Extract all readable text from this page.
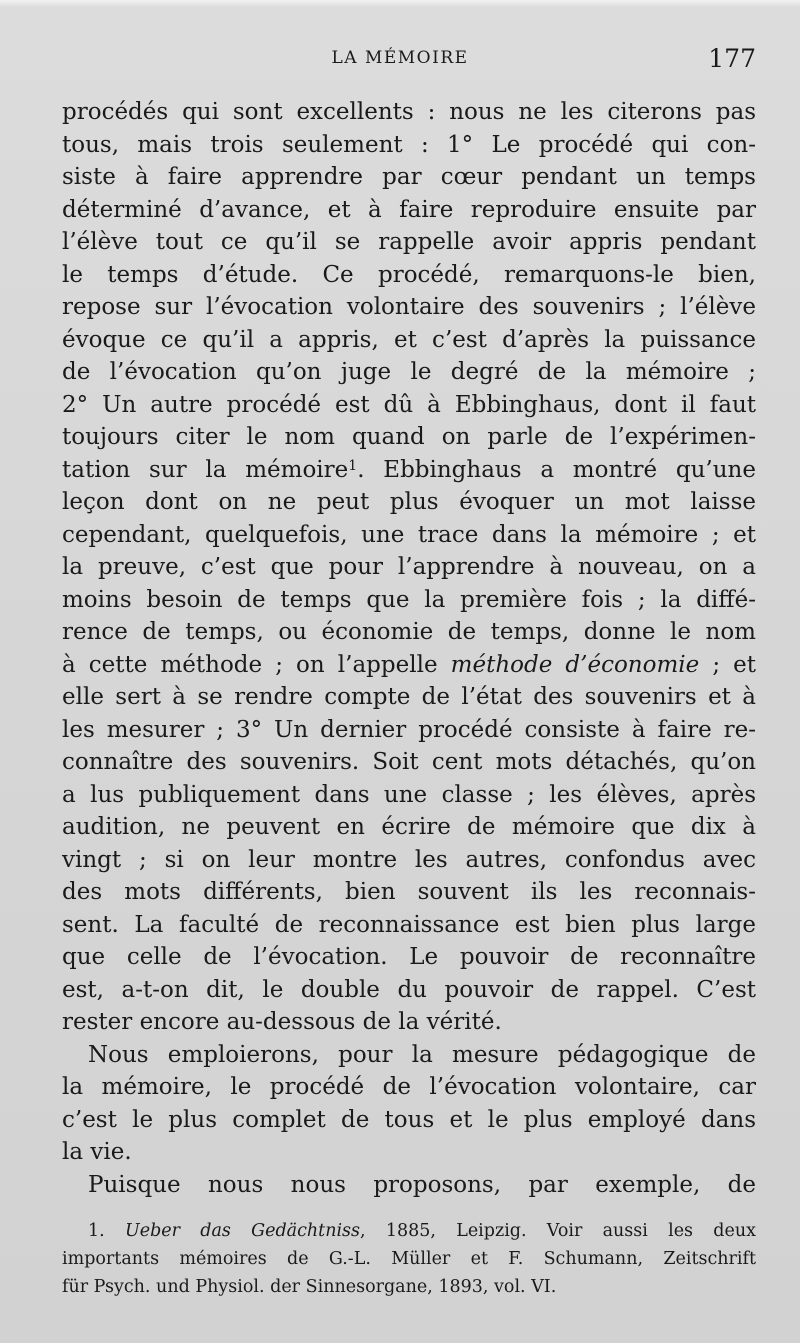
LA MÉMOIRE	177
procédés qui sont excellents : nous ne les citerons pas
tous, mais trois seulement : 1° Le procédé qui con-
siste à faire apprendre par cœur pendant un temps
déterminé d’avance, et à faire reproduire ensuite par
l’élève tout ce qu’il se rappelle avoir appris pendant
le temps d’étude. Ce procédé, remarquons-le bien,
repose sur l’évocation volontaire des souvenirs ; l’élève
évoque ce qu’il a appris, et c’est d’après la puissance
de l’évocation qu’on juge le degré de la mémoire ;
2° Un autre procédé est dû à Ebbinghaus, dont il faut
toujours citer le nom quand on parle de l’expérimen-
tation sur la mémoire$^1$. Ebbinghaus a montré qu’une
leçon dont on ne peut plus évoquer un mot laisse
cependant, quelquefois, une trace dans la mémoire ; et
la preuve, c’est que pour l’apprendre à nouveau, on a
moins besoin de temps que la première fois ; la diffé-
rence de temps, ou économie de temps, donne le nom
à cette méthode ; on l’appelle méthode d’économie ; et
elle sert à se rendre compte de l’état des souvenirs et à
les mesurer ; 3° Un dernier procédé consiste à faire re-
connaître des souvenirs. Soit cent mots détachés, qu’on
a lus publiquement dans une classe ; les élèves, après
audition, ne peuvent en écrire de mémoire que dix à
vingt ; si on leur montre les autres, confondus avec
des mots différents, bien souvent ils les reconnais-
sent. La faculté de reconnaissance est bien plus large
que celle de l’évocation. Le pouvoir de reconnaître
est, a-t-on dit, le double du pouvoir de rappel. C’est
rester encore au-dessous de la vérité.
Nous emploierons, pour la mesure pédagogique de
la mémoire, le procédé de l’évocation volontaire, car
c’est le plus complet de tous et le plus employé dans
la vie.
Puisque nous nous proposons, par exemple, de
1. Ueber das Gedächtniss, 1885, Leipzig. Voir aussi les deux
importants mémoires de G.-L. Müller et F. Schumann, Zeitschrift
für Psych. und Physiol. der Sinnesorgane, 1893, vol. VI.
